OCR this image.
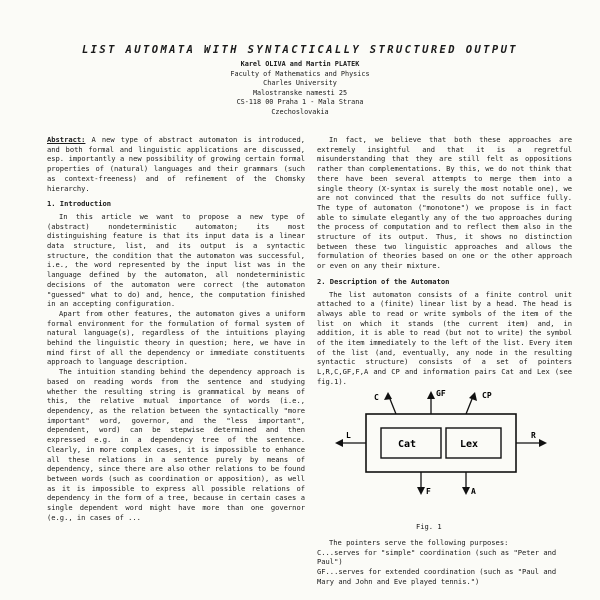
LIST AUTOMATA WITH SYNTACTICALLY STRUCTURED OUTPUT
Karel OLIVA and Martin PLATEK
Faculty of Mathematics and Physics
Charles University
Malostranske namesti 25
CS-118 00 Praha 1 - Mala Strana
Czechoslovakia

Abstract: A new type of abstract automaton is introduced, and both formal and linguistic applications are discussed, esp. importantly a new possibility of growing certain formal properties of (natural) languages and their grammars (such as context-freeness) and of refinement of the Chomsky hierarchy.

1. Introduction

In this article we want to propose a new type of (abstract) nondeterministic automaton; its most distinguishing feature is that its input data is a linear data structure, list, and its output is a syntactic structure, the condition that the automaton was successful, i.e., the word represented by the input list was in the language defined by the automaton, all nondeterministic decisions of the automaton were correct (the automaton "guessed" what to do) and, hence, the computation finished in an accepting configuration.

Apart from other features, the automaton gives a uniform formal environment for the formulation of formal system of natural language(s), regardless of the intuitions playing behind the linguistic theory in question; here, we have in mind first of all the dependency or immediate constituents approach to language description.

The intuition standing behind the dependency approach is based on reading words from the sentence and studying whether the resulting string is grammatical by means of this, the relative mutual importance of words (i.e., dependency, as the relation between the syntactically "more important" word, governor, and the "less important", dependent, word) can be stepwise determined and then expressed e.g. in a dependency tree of the sentence. Clearly, in more complex cases, it is impossible to enhance all these relations in a sentence purely by means of dependency, since there are also other relations to be found between words (such as coordination or apposition), as well as it is impossible to express all possible relations of dependency in the form of a tree, because in certain cases a single dependent word might have more than one governor (e.g., in cases of ...

In fact, we believe that both these approaches are extremely insightful and that it is a regretful misunderstanding that they are still felt as oppositions rather than complementations. By this, we do not think that there have been several attempts to merge them into a single theory (X-syntax is surely the most notable one), we are not convinced that the results do not suffice fully. The type of automaton ("monotone") we propose is in fact able to simulate elegantly any of the two approaches during the process of computation and to reflect them also in the structure of its output. Thus, it shows no distinction between these two linguistic approaches and allows the formulation of theories based on one or the other approach or even on any their mixture.

2. Description of the Automaton

The list automaton consists of a finite control unit attached to a (finite) linear list by a head. The head is always able to read or write symbols of the item of the list on which it stands (the current item) and, in addition, it is able to read (but not to write) the symbol of the item immediately to the left of the list. Every item of the list (and, eventually, any node in the resulting syntactic structure) consists of a set of pointers L,R,C,GF,F,A and CP and information pairs Cat and Lex (see fig.1).

Cat	Lex
C	GF	CP
F	A
L	R
Fig. 1

The pointers serve the following purposes:

C...serves for "simple" coordination (such as "Peter and Paul")

GF...serves for extended coordination (such as "Paul and Mary and John and Eve played tennis.")
